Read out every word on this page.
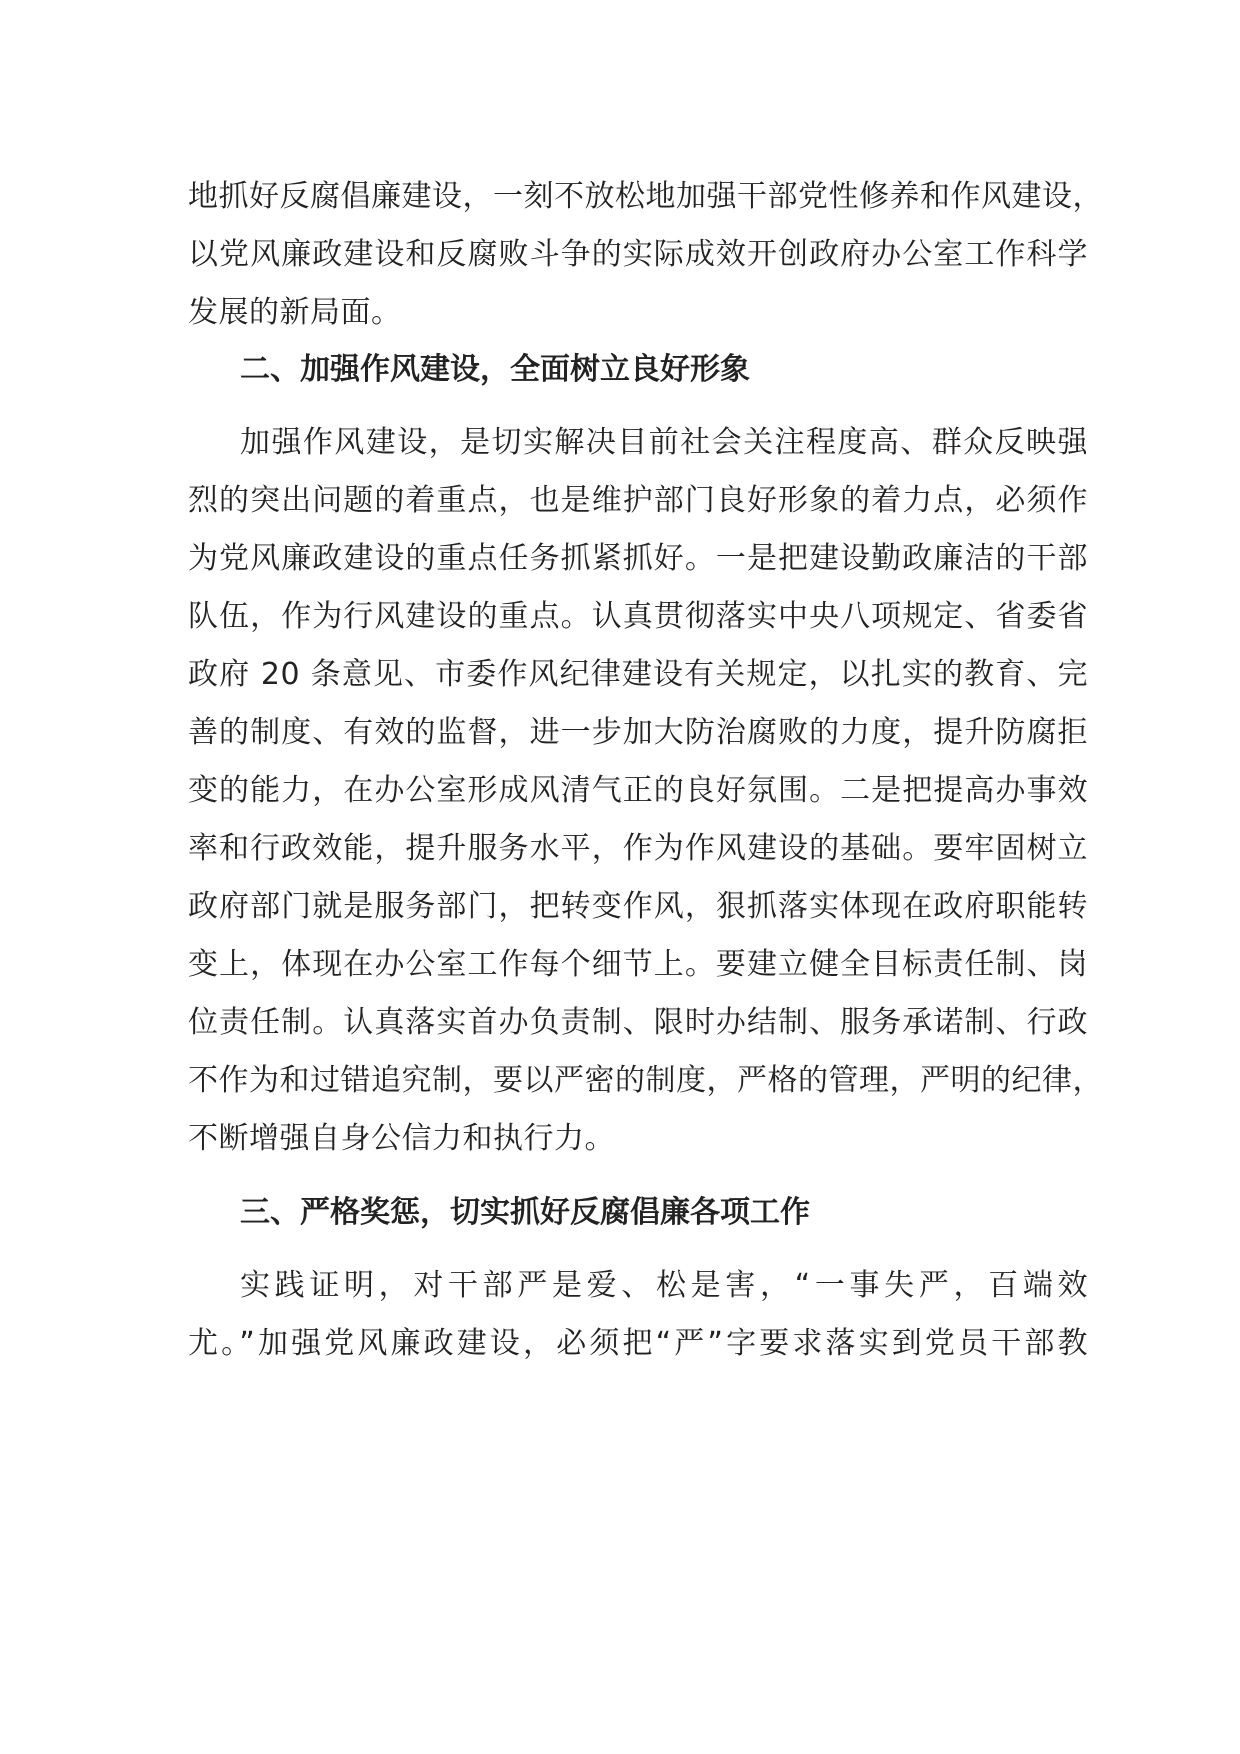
地抓好反腐倡廉建设，一刻不放松地加强干部党性修养和作风建设，
以党风廉政建设和反腐败斗争的实际成效开创政府办公室工作科学
发展的新局面。
二、加强作风建设，全面树立良好形象
加强作风建设，是切实解决目前社会关注程度高、群众反映强
烈的突出问题的着重点，也是维护部门良好形象的着力点，必须作
为党风廉政建设的重点任务抓紧抓好。一是把建设勤政廉洁的干部
队伍，作为行风建设的重点。认真贯彻落实中央八项规定、省委省
政府 20 条意见、市委作风纪律建设有关规定，以扎实的教育、完
善的制度、有效的监督，进一步加大防治腐败的力度，提升防腐拒
变的能力，在办公室形成风清气正的良好氛围。二是把提高办事效
率和行政效能，提升服务水平，作为作风建设的基础。要牢固树立
政府部门就是服务部门，把转变作风，狠抓落实体现在政府职能转
变上，体现在办公室工作每个细节上。要建立健全目标责任制、岗
位责任制。认真落实首办负责制、限时办结制、服务承诺制、行政
不作为和过错追究制，要以严密的制度，严格的管理，严明的纪律，
不断增强自身公信力和执行力。
三、严格奖惩，切实抓好反腐倡廉各项工作
实践证明，对干部严是爱、松是害，“一事失严，百端效
尤。”加强党风廉政建设，必须把“严”字要求落实到党员干部教
